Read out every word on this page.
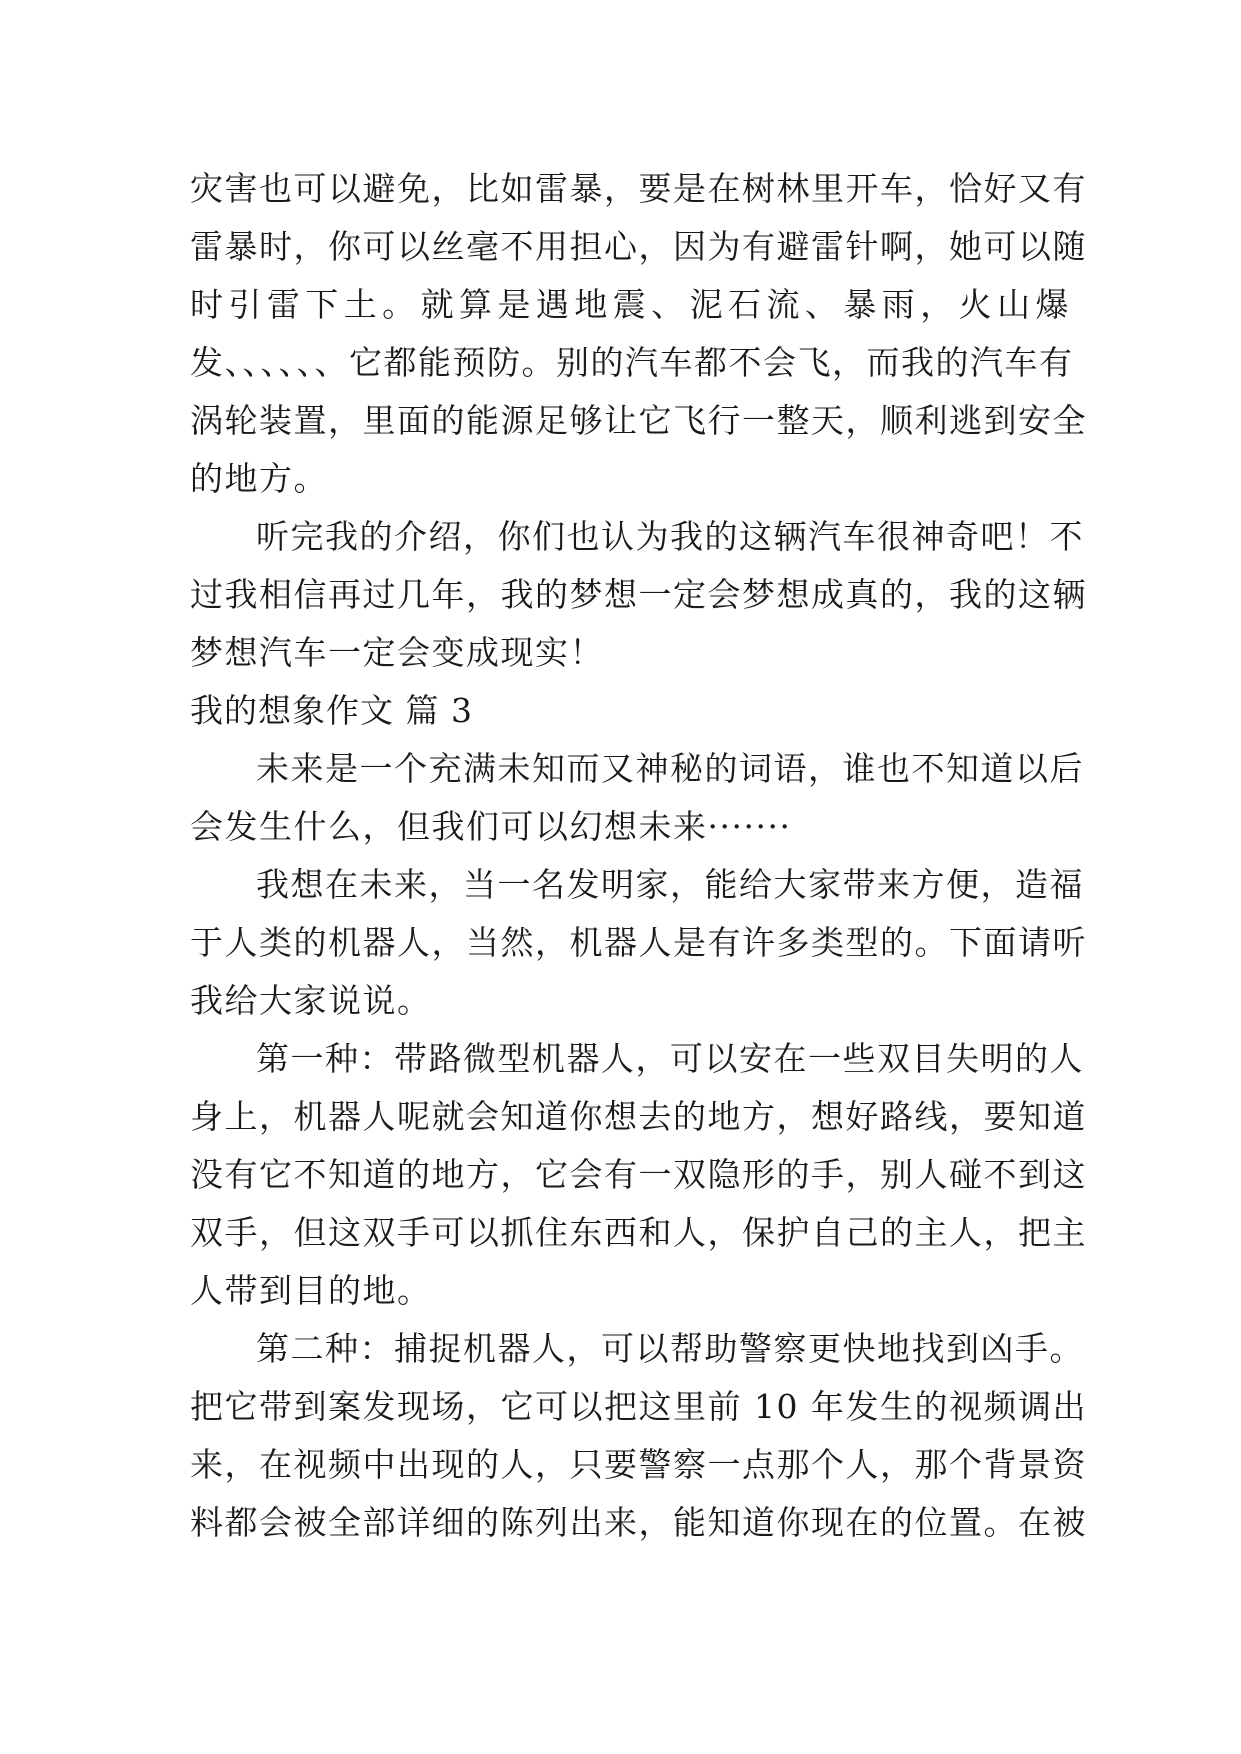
灾害也可以避免，比如雷暴，要是在树林里开车，恰好又有
雷暴时，你可以丝毫不用担心，因为有避雷针啊，她可以随
时引雷下土。就算是遇地震、泥石流、暴雨，火山爆
发、、、、、、它都能预防。别的汽车都不会飞，而我的汽车有
涡轮装置，里面的能源足够让它飞行一整天，顺利逃到安全
的地方。
听完我的介绍，你们也认为我的这辆汽车很神奇吧！不
过我相信再过几年，我的梦想一定会梦想成真的，我的这辆
梦想汽车一定会变成现实！
我的想象作文 篇 3
未来是一个充满未知而又神秘的词语，谁也不知道以后
会发生什么，但我们可以幻想未来·······
我想在未来，当一名发明家，能给大家带来方便，造福
于人类的机器人，当然，机器人是有许多类型的。下面请听
我给大家说说。
第一种：带路微型机器人，可以安在一些双目失明的人
身上，机器人呢就会知道你想去的地方，想好路线，要知道
没有它不知道的地方，它会有一双隐形的手，别人碰不到这
双手，但这双手可以抓住东西和人，保护自己的主人，把主
人带到目的地。
第二种：捕捉机器人，可以帮助警察更快地找到凶手。
把它带到案发现场，它可以把这里前 10 年发生的视频调出
来，在视频中出现的人，只要警察一点那个人，那个背景资
料都会被全部详细的陈列出来，能知道你现在的位置。在被
